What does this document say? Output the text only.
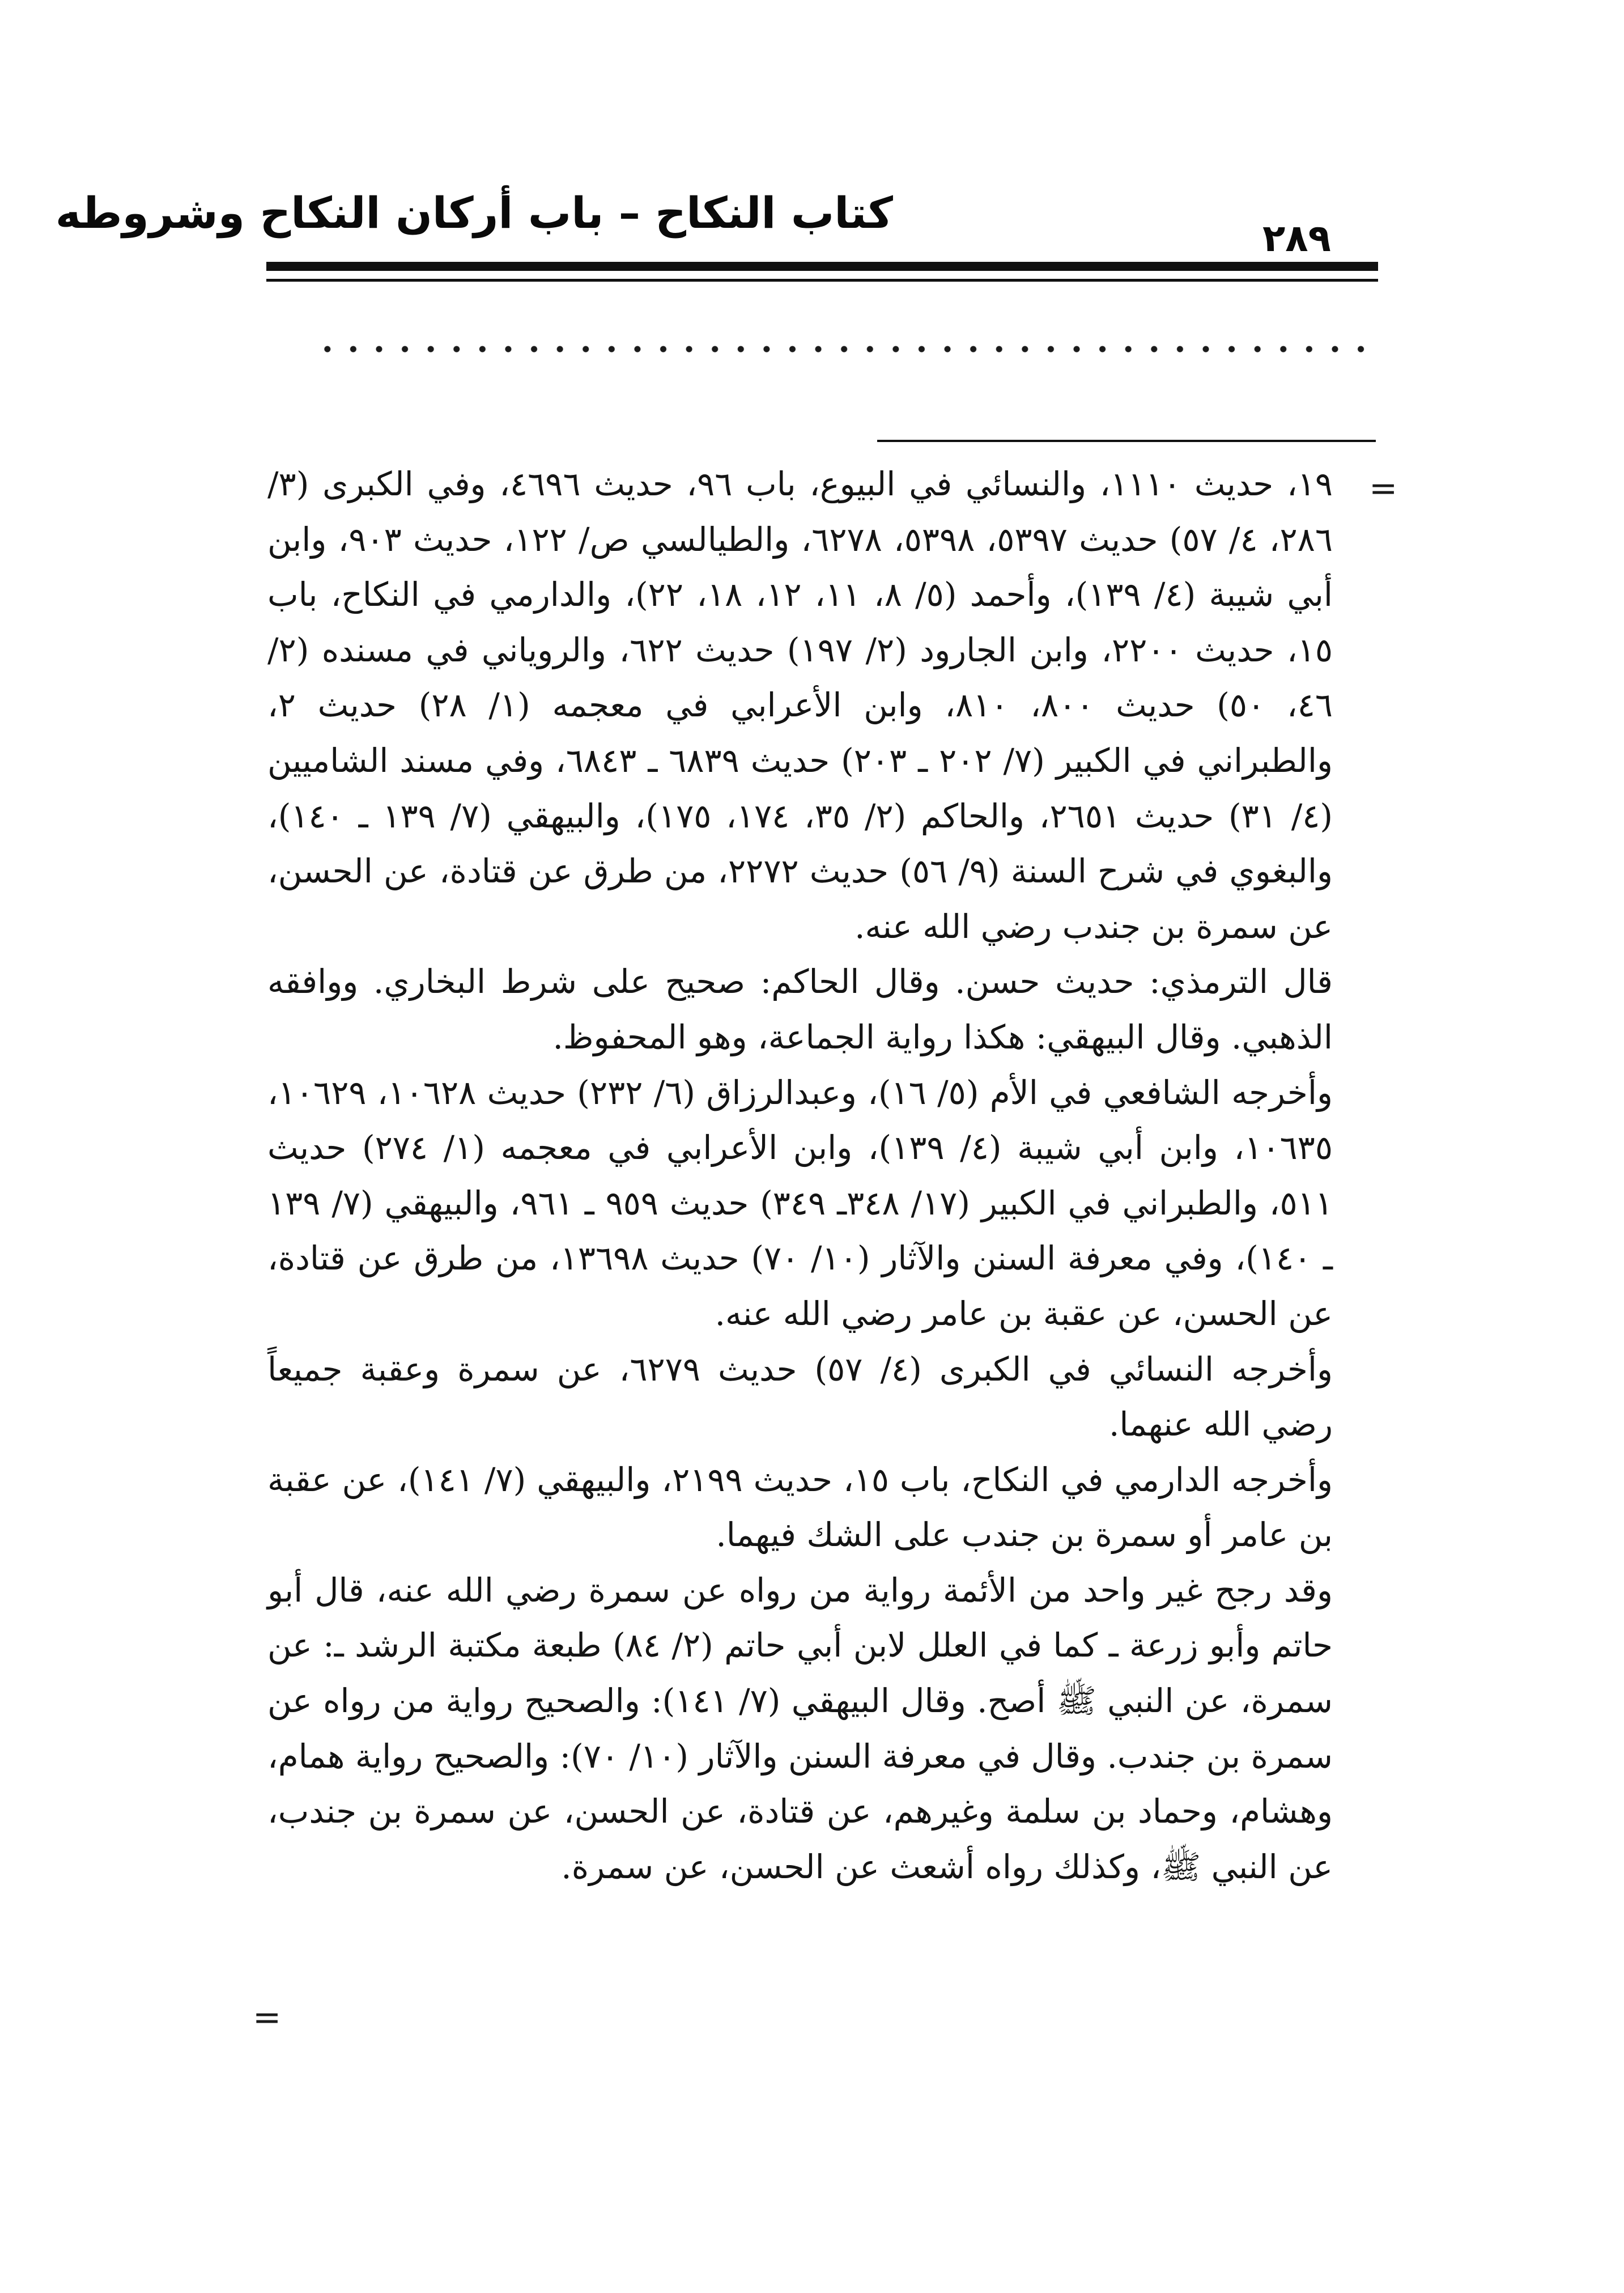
كتاب النكاح – باب أركان النكاح وشروطه
٢٨٩
=

١٩، حديث ١١١٠، والنسائي في البيوع، باب ٩٦، حديث ٤٦٩٦، وفي الكبرى (٣/ ٢٨٦، ٤/ ٥٧) حديث ٥٣٩٧، ٥٣٩٨، ٦٢٧٨، والطيالسي ص/ ١٢٢، حديث ٩٠٣، وابن أبي شيبة (٤/ ١٣٩)، وأحمد (٥/ ٨، ١١، ١٢، ١٨، ٢٢)، والدارمي في النكاح، باب ١٥، حديث ٢٢٠٠، وابن الجارود (٢/ ١٩٧) حديث ٦٢٢، والروياني في مسنده (٢/ ٤٦، ٥٠) حديث ٨٠٠، ٨١٠، وابن الأعرابي في معجمه (١/ ٢٨) حديث ٢، والطبراني في الكبير (٧/ ٢٠٢ ـ ٢٠٣) حديث ٦٨٣٩ ـ ٦٨٤٣، وفي مسند الشاميين (٤/ ٣١) حديث ٢٦٥١، والحاكم (٢/ ٣٥، ١٧٤، ١٧٥)، والبيهقي (٧/ ١٣٩ ـ ١٤٠)، والبغوي في شرح السنة (٩/ ٥٦) حديث ٢٢٧٢، من طرق عن قتادة، عن الحسن، عن سمرة بن جندب رضي الله عنه.

قال الترمذي: حديث حسن. وقال الحاكم: صحيح على شرط البخاري. ووافقه الذهبي. وقال البيهقي: هكذا رواية الجماعة، وهو المحفوظ.

وأخرجه الشافعي في الأم (٥/ ١٦)، وعبدالرزاق (٦/ ٢٣٢) حديث ١٠٦٢٨، ١٠٦٢٩، ١٠٦٣٥، وابن أبي شيبة (٤/ ١٣٩)، وابن الأعرابي في معجمه (١/ ٢٧٤) حديث ٥١١، والطبراني في الكبير (١٧/ ٣٤٨ـ ٣٤٩) حديث ٩٥٩ ـ ٩٦١، والبيهقي (٧/ ١٣٩ ـ ١٤٠)، وفي معرفة السنن والآثار (١٠/ ٧٠) حديث ١٣٦٩٨، من طرق عن قتادة، عن الحسن، عن عقبة بن عامر رضي الله عنه.

وأخرجه النسائي في الكبرى (٤/ ٥٧) حديث ٦٢٧٩، عن سمرة وعقبة جميعاً رضي الله عنهما.

وأخرجه الدارمي في النكاح، باب ١٥، حديث ٢١٩٩، والبيهقي (٧/ ١٤١)، عن عقبة بن عامر أو سمرة بن جندب على الشك فيهما.

وقد رجح غير واحد من الأئمة رواية من رواه عن سمرة رضي الله عنه، قال أبو حاتم وأبو زرعة ـ كما في العلل لابن أبي حاتم (٢/ ٨٤) طبعة مكتبة الرشد ـ: عن سمرة، عن النبي ﷺ أصح. وقال البيهقي (٧/ ١٤١): والصحيح رواية من رواه عن سمرة بن جندب. وقال في معرفة السنن والآثار (١٠/ ٧٠): والصحيح رواية همام، وهشام، وحماد بن سلمة وغيرهم، عن قتادة، عن الحسن، عن سمرة بن جندب، عن النبي ﷺ، وكذلك رواه أشعث عن الحسن، عن سمرة.

=
